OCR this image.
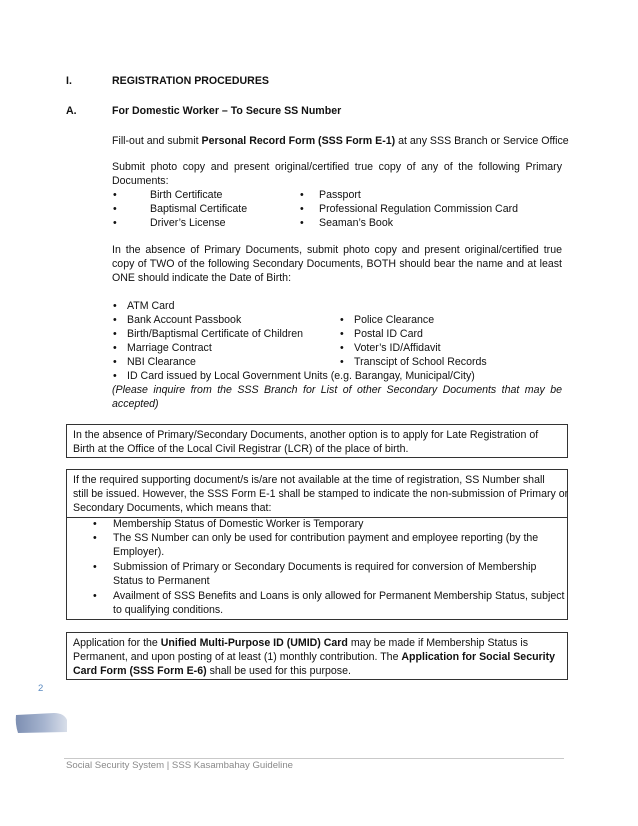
I.	REGISTRATION PROCEDURES
A.	For Domestic Worker – To Secure SS Number
Fill-out and submit Personal Record Form (SSS Form E-1) at any SSS Branch or Service Office
Submit photo copy and present original/certified true copy of any of the following Primary
Documents:
•	Birth Certificate	• Passport
•	Baptismal Certificate	• Professional Regulation Commission Card
•	Driver’s License	• Seaman’s Book
In the absence of Primary Documents, submit photo copy and present original/certified true
copy of TWO of the following Secondary Documents, BOTH should bear the name and at least
ONE should indicate the Date of Birth:
• ATM Card
• Bank Account Passbook	• Police Clearance
• Birth/Baptismal Certificate of Children	• Postal ID Card
• Marriage Contract	• Voter’s ID/Affidavit
• NBI Clearance	• Transcipt of School Records
• ID Card issued by Local Government Units (e.g. Barangay, Municipal/City)
(Please inquire from the SSS Branch for List of other Secondary Documents that may be
accepted)
In the absence of Primary/Secondary Documents, another option is to apply for Late Registration of
Birth at the Office of the Local Civil Registrar (LCR) of the place of birth.
If the required supporting document/s is/are not available at the time of registration, SS Number shall
still be issued. However, the SSS Form E-1 shall be stamped to indicate the non-submission of Primary or
Secondary Documents, which means that:
• Membership Status of Domestic Worker is Temporary
• The SS Number can only be used for contribution payment and employee reporting (by the
Employer).
• Submission of Primary or Secondary Documents is required for conversion of Membership
Status to Permanent
• Availment of SSS Benefits and Loans is only allowed for Permanent Membership Status, subject
to qualifying conditions.
Application for the Unified Multi-Purpose ID (UMID) Card may be made if Membership Status is
Permanent, and upon posting of at least (1) monthly contribution. The Application for Social Security
Card Form (SSS Form E-6) shall be used for this purpose.
2
Social Security System | SSS Kasambahay Guideline
